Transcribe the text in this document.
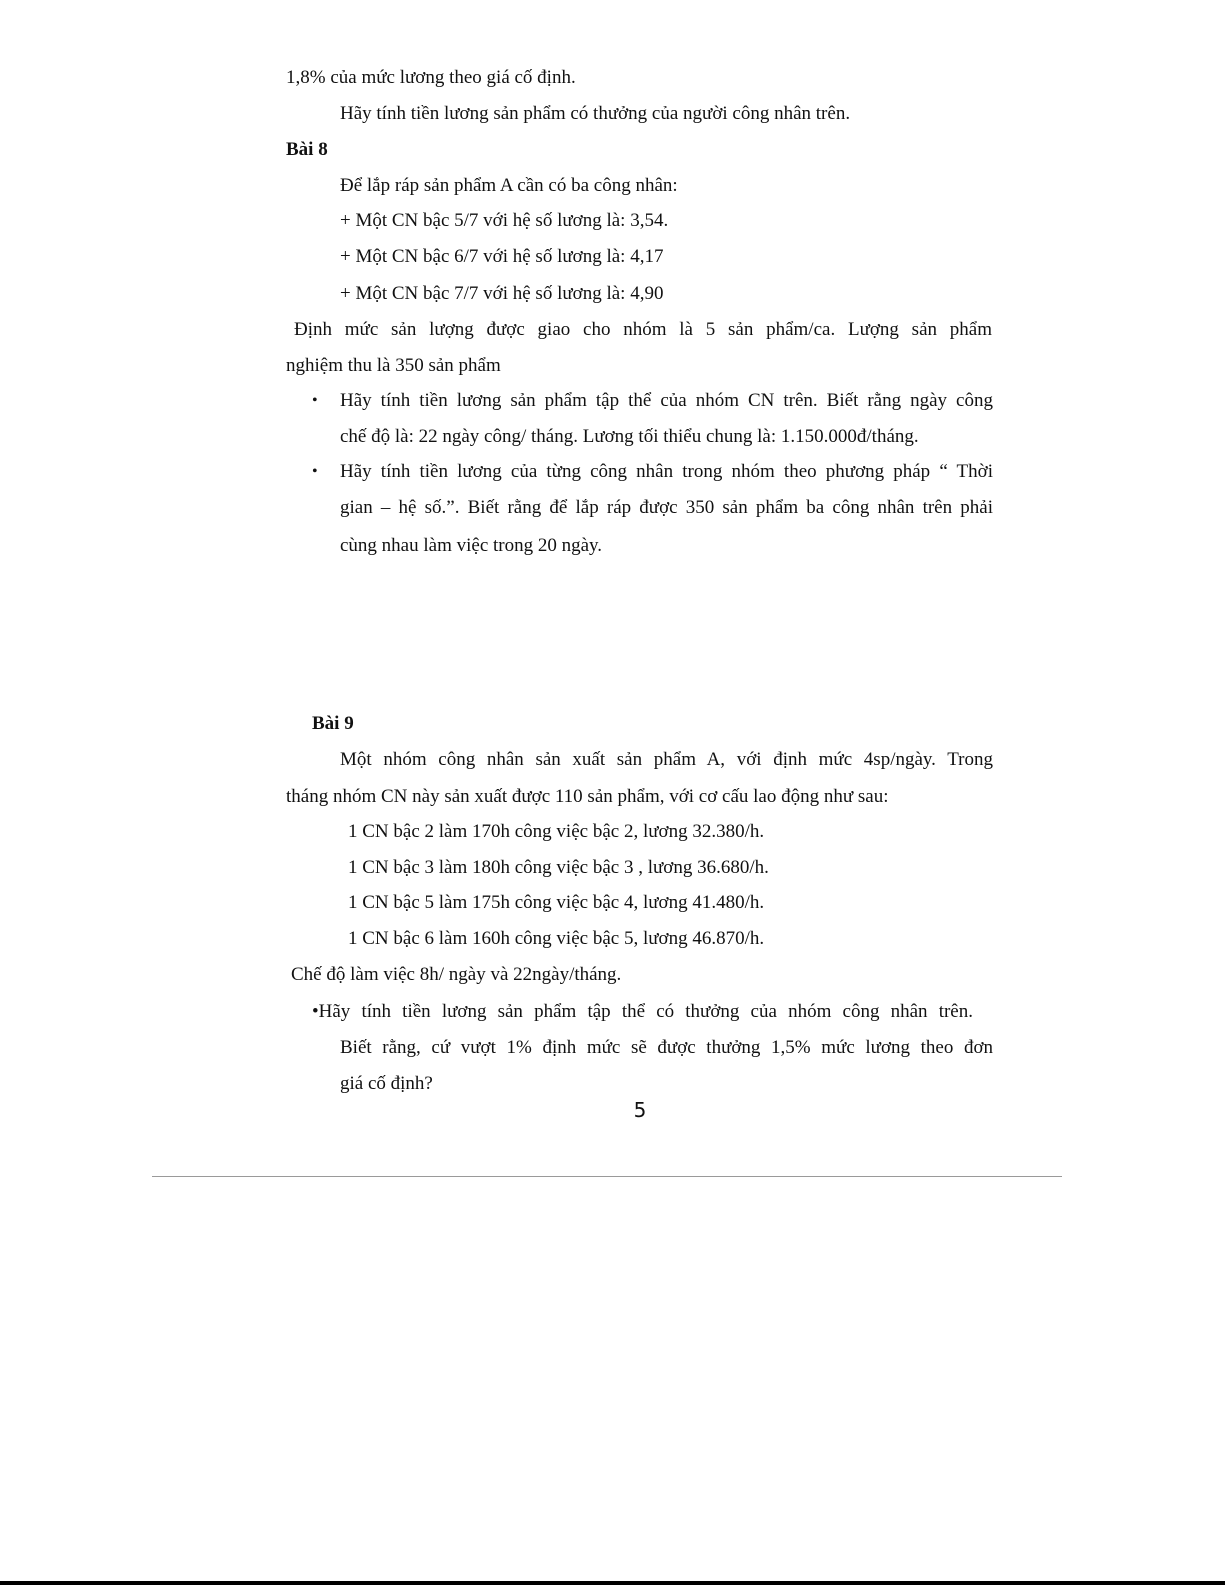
1,8% của mức lương theo giá cố định.
Hãy tính tiền lương sản phẩm có thưởng của người công nhân trên.
Bài 8
Để lắp ráp sản phẩm A cần có ba công nhân:
+ Một CN bậc 5/7 với hệ số lương là: 3,54.
+ Một CN bậc 6/7 với hệ số lương là: 4,17
+ Một CN bậc 7/7 với hệ số lương là: 4,90
Định mức sản lượng được giao cho nhóm là 5 sản phẩm/ca. Lượng sản phẩm
nghiệm thu là 350 sản phẩm
• Hãy tính tiền lương sản phẩm tập thể của nhóm CN trên. Biết rằng ngày công
chế độ là: 22 ngày công/ tháng. Lương tối thiểu chung là: 1.150.000đ/tháng.
• Hãy tính tiền lương của từng công nhân trong nhóm theo phương pháp “ Thời
gian – hệ số.”. Biết rằng để lắp ráp được 350 sản phẩm ba công nhân trên phải
cùng nhau làm việc trong 20 ngày.
Bài 9
Một nhóm công nhân sản xuất sản phẩm A, với định mức 4sp/ngày. Trong
tháng nhóm CN này sản xuất được 110 sản phẩm, với cơ cấu lao động như sau:
1 CN bậc 2 làm 170h công việc bậc 2, lương 32.380/h.
1 CN bậc 3 làm 180h công việc bậc 3 , lương 36.680/h.
1 CN bậc 5 làm 175h công việc bậc 4, lương 41.480/h.
1 CN bậc 6 làm 160h công việc bậc 5, lương 46.870/h.
Chế độ làm việc 8h/ ngày và 22ngày/tháng.
•Hãy tính tiền lương sản phẩm tập thể có thưởng của nhóm công nhân trên.
Biết rằng, cứ vượt 1% định mức sẽ được thưởng 1,5% mức lương theo đơn
giá cố định?
5
